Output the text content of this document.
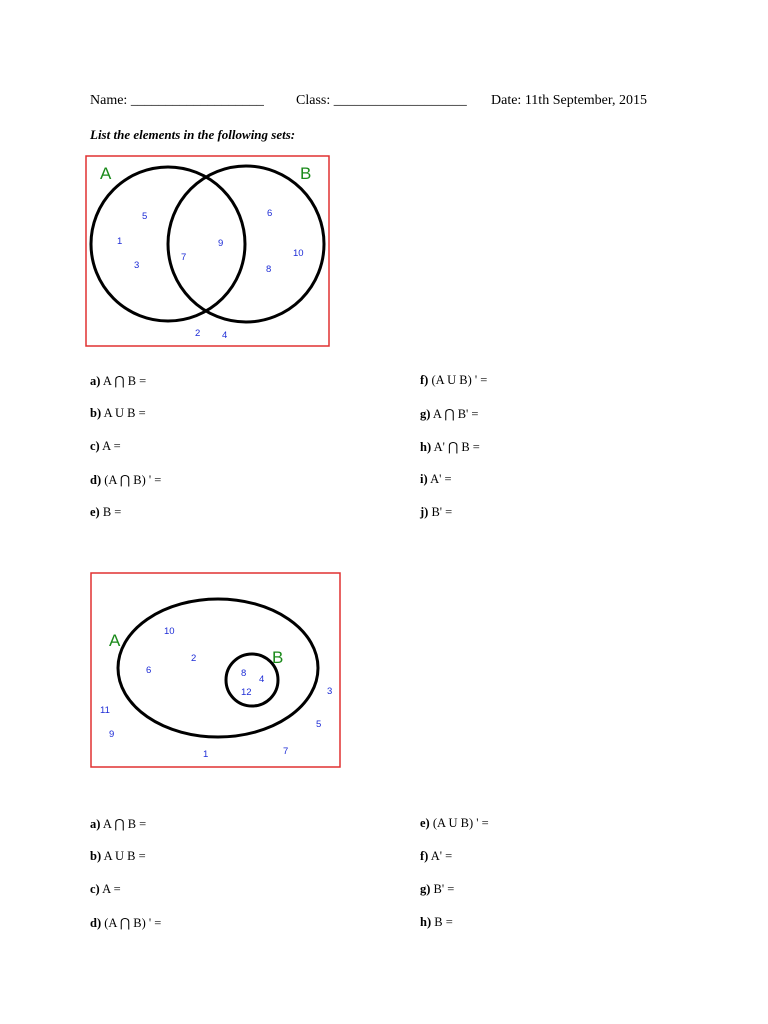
Name: ___________________ Class: ___________________ Date: 11th September, 2015
List the elements in the following sets:
A	B
5
1
3
7
9
6
10
8
2 4
a) A ⋂ B =
b) A U B =
c) A =
d) (A ⋂ B) ' =
e) B =
f) (A U B) ' =
g) A ⋂ B' =
h) A' ⋂ B =
i) A' =
j) B' =
A
B
10
6
2
8
4
12
11
9
1	7
3
5
a) A ⋂ B =
b) A U B =
c) A =
d) (A ⋂ B) ' =
e) (A U B) ' =
f) A' =
g) B' =
h) B =
